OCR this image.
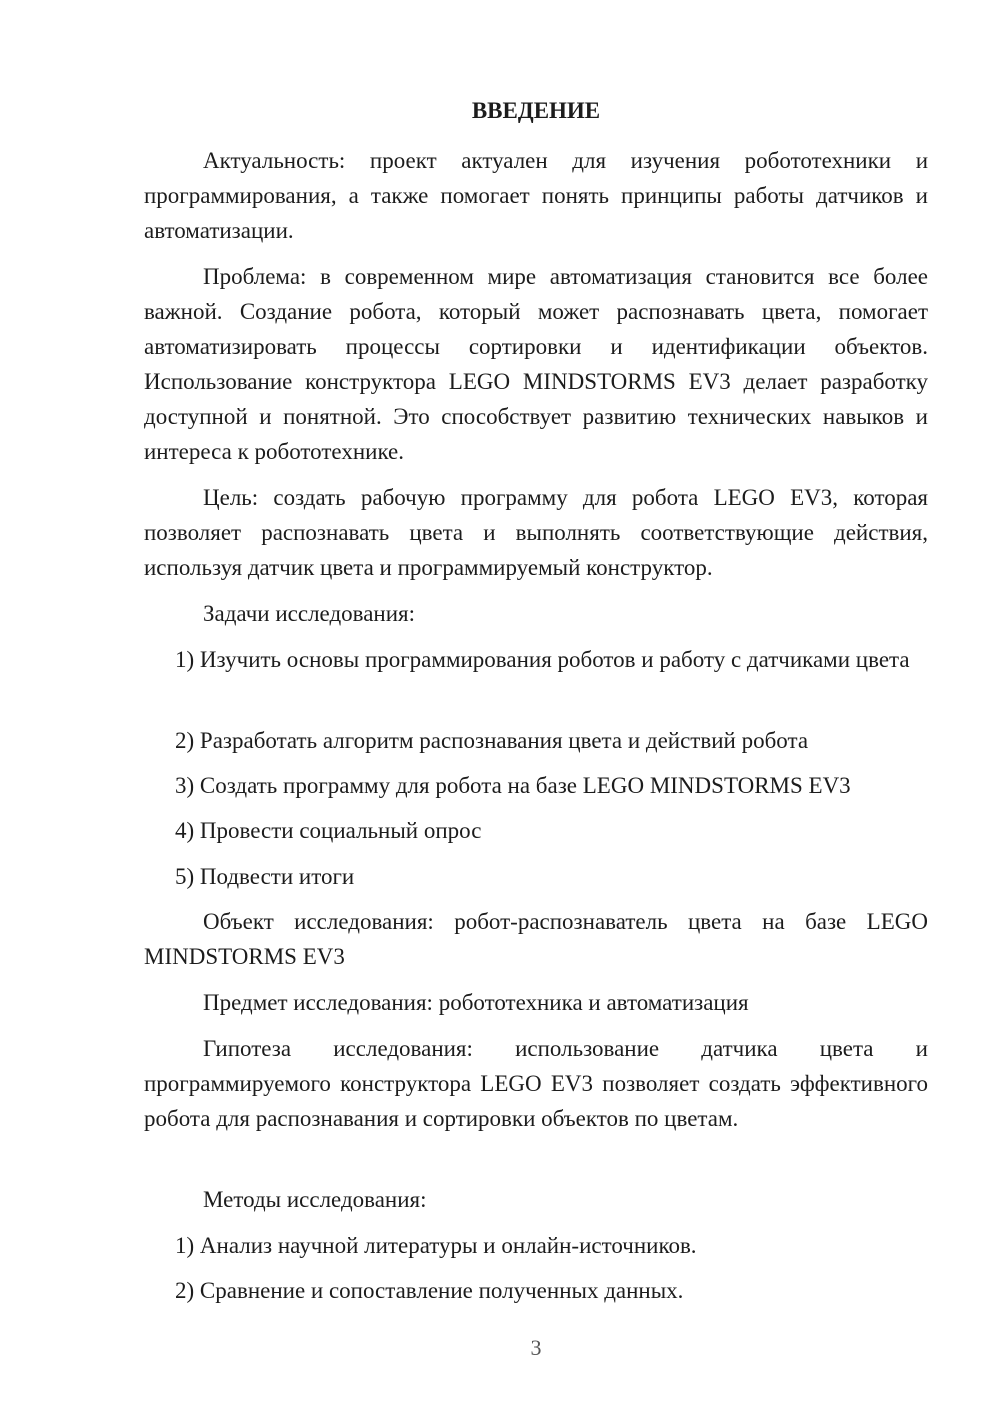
ВВЕДЕНИЕ

Актуальность: проект актуален для изучения робототехники и программирования, а также помогает понять принципы работы датчиков и автоматизации.

Проблема: в современном мире автоматизация становится все более важной. Создание робота, который может распознавать цвета, помогает автоматизировать процессы сортировки и идентификации объектов. Использование конструктора LEGO MINDSTORMS EV3 делает разработку доступной и понятной. Это способствует развитию технических навыков и интереса к робототехнике.

Цель: создать рабочую программу для робота LEGO EV3, которая позволяет распознавать цвета и выполнять соответствующие действия, используя датчик цвета и программируемый конструктор.

Задачи исследования:

1) Изучить основы программирования роботов и работу с датчиками цвета

2) Разработать алгоритм распознавания цвета и действий робота

3) Создать программу для робота на базе LEGO MINDSTORMS EV3

4) Провести социальный опрос

5) Подвести итоги

Объект исследования: робот-распознаватель цвета на базе LEGO MINDSTORMS EV3

Предмет исследования: робототехника и автоматизация

Гипотеза исследования: использование датчика цвета и программируемого конструктора LEGO EV3 позволяет создать эффективного робота для распознавания и сортировки объектов по цветам.

Методы исследования:

1) Анализ научной литературы и онлайн-источников.

2) Сравнение и сопоставление полученных данных.

3
